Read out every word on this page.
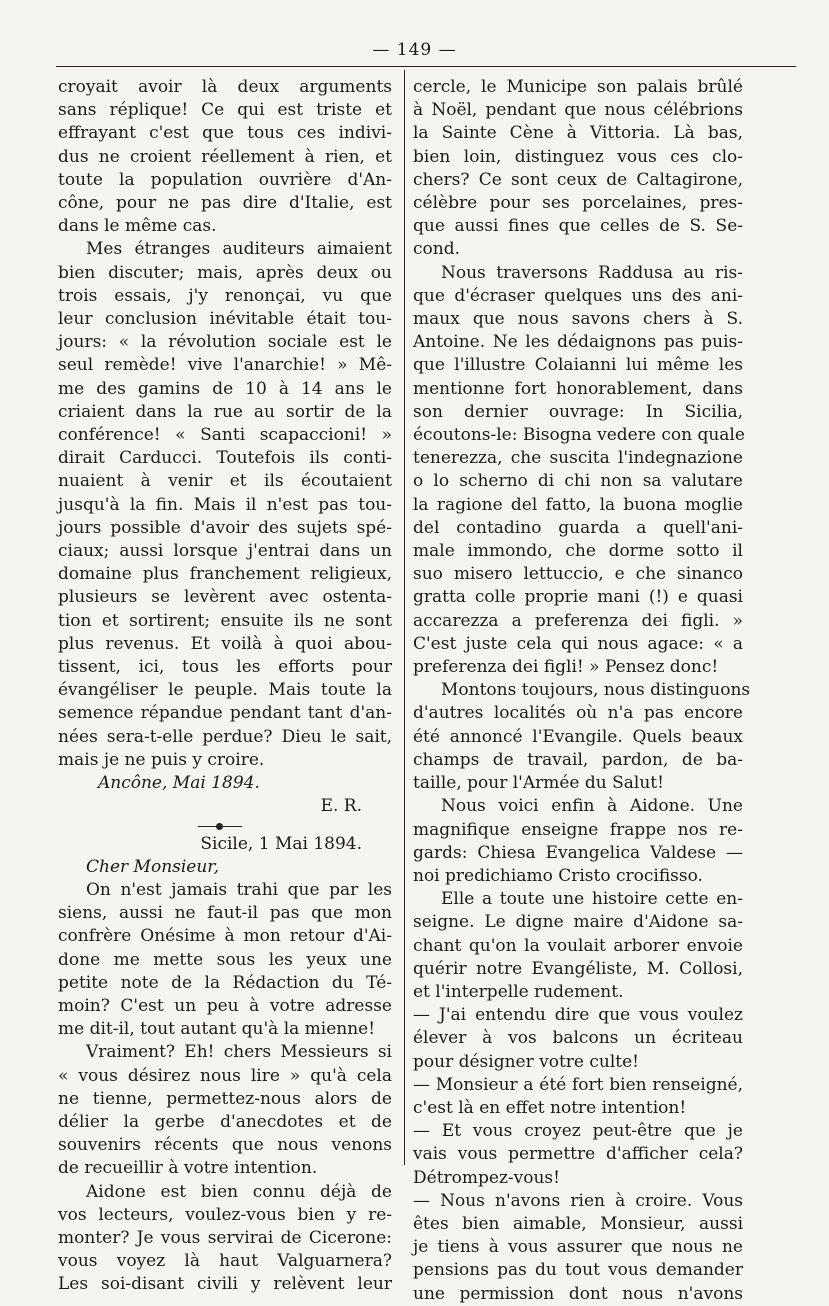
— 149 —
croyait avoir là deux arguments
sans réplique! Ce qui est triste et
effrayant c'est que tous ces indivi-
dus ne croient réellement à rien, et
toute la population ouvrière d'An-
cône, pour ne pas dire d'Italie, est
dans le même cas.
Mes étranges auditeurs aimaient
bien discuter; mais, après deux ou
trois essais, j'y renonçai, vu que
leur conclusion inévitable était tou-
jours: « la révolution sociale est le
seul remède! vive l'anarchie! » Mê-
me des gamins de 10 à 14 ans le
criaient dans la rue au sortir de la
conférence! « Santi scapaccioni! »
dirait Carducci. Toutefois ils conti-
nuaient à venir et ils écoutaient
jusqu'à la fin. Mais il n'est pas tou-
jours possible d'avoir des sujets spé-
ciaux; aussi lorsque j'entrai dans un
domaine plus franchement religieux,
plusieurs se levèrent avec ostenta-
tion et sortirent; ensuite ils ne sont
plus revenus. Et voilà à quoi abou-
tissent, ici, tous les efforts pour
évangéliser le peuple. Mais toute la
semence répandue pendant tant d'an-
nées sera-t-elle perdue? Dieu le sait,
mais je ne puis y croire.
Ancône, Mai 1894.
E. R.
Sicile, 1 Mai 1894.
Cher Monsieur,
On n'est jamais trahi que par les
siens, aussi ne faut-il pas que mon
confrère Onésime à mon retour d'Ai-
done me mette sous les yeux une
petite note de la Rédaction du Té-
moin? C'est un peu à votre adresse
me dit-il, tout autant qu'à la mienne!
Vraiment? Eh! chers Messieurs si
« vous désirez nous lire » qu'à cela
ne tienne, permettez-nous alors de
délier la gerbe d'anecdotes et de
souvenirs récents que nous venons
de recueillir à votre intention.
Aidone est bien connu déjà de
vos lecteurs, voulez-vous bien y re-
monter? Je vous servirai de Cicerone:
vous voyez là haut Valguarnera?
Les soi-disant civili y relèvent leur
cercle, le Municipe son palais brûlé
à Noël, pendant que nous célébrions
la Sainte Cène à Vittoria. Là bas,
bien loin, distinguez vous ces clo-
chers? Ce sont ceux de Caltagirone,
célèbre pour ses porcelaines, pres-
que aussi fines que celles de S. Se-
cond.
Nous traversons Raddusa au ris-
que d'écraser quelques uns des ani-
maux que nous savons chers à S.
Antoine. Ne les dédaignons pas puis-
que l'illustre Colaianni lui même les
mentionne fort honorablement, dans
son dernier ouvrage: In Sicilia,
écoutons-le: Bisogna vedere con quale
tenerezza, che suscita l'indegnazione
o lo scherno di chi non sa valutare
la ragione del fatto, la buona moglie
del contadino guarda a quell'ani-
male immondo, che dorme sotto il
suo misero lettuccio, e che sinanco
gratta colle proprie mani (!) e quasi
accarezza a preferenza dei figli. »
C'est juste cela qui nous agace: « a
preferenza dei figli! » Pensez donc!
Montons toujours, nous distinguons
d'autres localités où n'a pas encore
été annoncé l'Evangile. Quels beaux
champs de travail, pardon, de ba-
taille, pour l'Armée du Salut!
Nous voici enfin à Aidone. Une
magnifique enseigne frappe nos re-
gards: Chiesa Evangelica Valdese —
noi predichiamo Cristo crocifisso.
Elle a toute une histoire cette en-
seigne. Le digne maire d'Aidone sa-
chant qu'on la voulait arborer envoie
quérir notre Evangéliste, M. Collosi,
et l'interpelle rudement.
— J'ai entendu dire que vous voulez
élever à vos balcons un écriteau
pour désigner votre culte!
— Monsieur a été fort bien renseigné,
c'est là en effet notre intention!
— Et vous croyez peut-être que je
vais vous permettre d'afficher cela?
Détrompez-vous!
— Nous n'avons rien à croire. Vous
êtes bien aimable, Monsieur, aussi
je tiens à vous assurer que nous ne
pensions pas du tout vous demander
une permission dont nous n'avons
